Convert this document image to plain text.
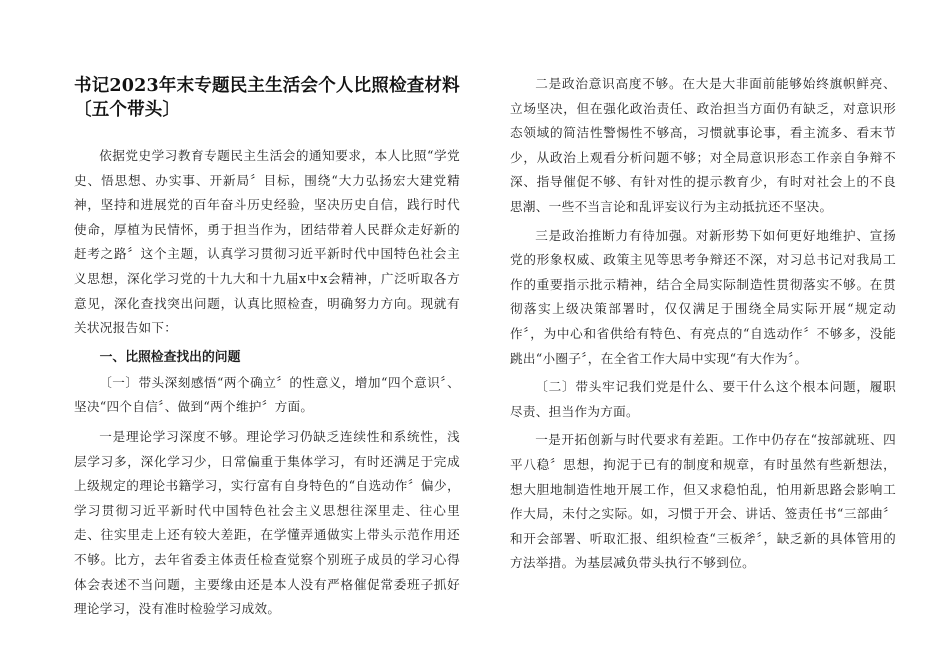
书记2023年末专题民主生活会个人比照检查材料
〔五个带头〕

依据党史学习教育专题民主生活会的通知要求，本人比照“学党史、悟思想、办实事、开新局〞目标，围绕“大力弘扬宏大建党精神，坚持和进展党的百年奋斗历史经验，坚决历史自信，践行时代使命，厚植为民情怀，勇于担当作为，团结带着人民群众走好新的赶考之路〞这个主题，认真学习贯彻习近平新时代中国特色社会主义思想，深化学习党的十九大和十九届x中x会精神，广泛听取各方意见，深化查找突出问题，认真比照检查，明确努力方向。现就有关状况报告如下：

一、比照检查找出的问题

〔一〕带头深刻感悟“两个确立〞的性意义，增加“四个意识〞、坚决“四个自信〞、做到“两个维护〞方面。

一是理论学习深度不够。理论学习仍缺乏连续性和系统性，浅层学习多，深化学习少，日常偏重于集体学习，有时还满足于完成上级规定的理论书籍学习，实行富有自身特色的“自选动作〞偏少，学习贯彻习近平新时代中国特色社会主义思想往深里走、往心里走、往实里走上还有较大差距，在学懂弄通做实上带头示范作用还不够。比方，去年省委主体责任检查觉察个别班子成员的学习心得体会表述不当问题，主要缘由还是本人没有严格催促常委班子抓好理论学习，没有准时检验学习成效。

二是政治意识高度不够。在大是大非面前能够始终旗帜鲜亮、立场坚决，但在强化政治责任、政治担当方面仍有缺乏，对意识形态领域的简洁性警惕性不够高，习惯就事论事，看主流多、看末节少，从政治上观看分析问题不够；对全局意识形态工作亲自争辩不深、指导催促不够、有针对性的提示教育少，有时对社会上的不良思潮、一些不当言论和乱评妄议行为主动抵抗还不坚决。

三是政治推断力有待加强。对新形势下如何更好地维护、宣扬党的形象权威、政策主见等思考争辩还不深，对习总书记对我局工作的重要指示批示精神，结合全局实际制造性贯彻落实不够。在贯彻落实上级决策部署时，仅仅满足于围绕全局实际开展“规定动作〞，为中心和省供给有特色、有亮点的“自选动作〞不够多，没能跳出“小圈子〞，在全省工作大局中实现“有大作为〞。

〔二〕带头牢记我们党是什么、要干什么这个根本问题，履职尽责、担当作为方面。

一是开拓创新与时代要求有差距。工作中仍存在“按部就班、四平八稳〞思想，拘泥于已有的制度和规章，有时虽然有些新想法，想大胆地制造性地开展工作，但又求稳怕乱，怕用新思路会影响工作大局，未付之实际。如，习惯于开会、讲话、签责任书“三部曲〞和开会部署、听取汇报、组织检查“三板斧〞，缺乏新的具体管用的方法举措。为基层减负带头执行不够到位。
